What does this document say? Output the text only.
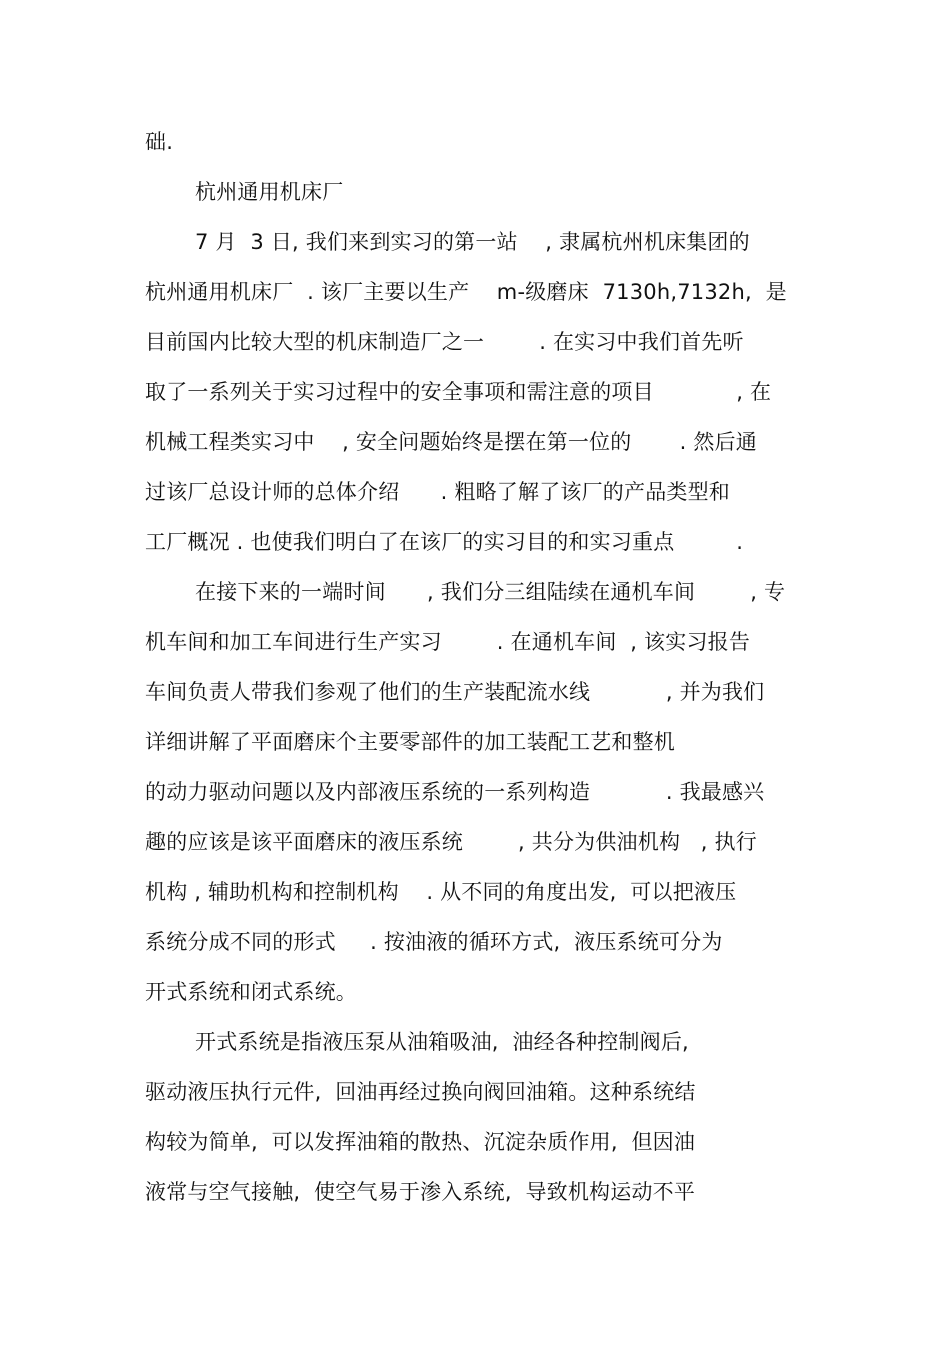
础.
杭州通用机床厂
7 月  3 日, 我们来到实习的第一站    , 隶属杭州机床集团的
杭州通用机床厂  . 该厂主要以生产    m-级磨床  7130h,7132h,  是
目前国内比较大型的机床制造厂之一        . 在实习中我们首先听
取了一系列关于实习过程中的安全事项和需注意的项目            , 在
机械工程类实习中    , 安全问题始终是摆在第一位的       . 然后通
过该厂总设计师的总体介绍      . 粗略了解了该厂的产品类型和
工厂概况 . 也使我们明白了在该厂的实习目的和实习重点         .
在接下来的一端时间      , 我们分三组陆续在通机车间        , 专
机车间和加工车间进行生产实习        . 在通机车间  , 该实习报告
车间负责人带我们参观了他们的生产装配流水线           , 并为我们
详细讲解了平面磨床个主要零部件的加工装配工艺和整机
的动力驱动问题以及内部液压系统的一系列构造           . 我最感兴
趣的应该是该平面磨床的液压系统        , 共分为供油机构   , 执行
机构 , 辅助机构和控制机构    . 从不同的角度出发,  可以把液压
系统分成不同的形式     . 按油液的循环方式,  液压系统可分为
开式系统和闭式系统。
开式系统是指液压泵从油箱吸油,  油经各种控制阀后,
驱动液压执行元件,  回油再经过换向阀回油箱。这种系统结
构较为简单,  可以发挥油箱的散热、沉淀杂质作用,  但因油
液常与空气接触,  使空气易于渗入系统,  导致机构运动不平
